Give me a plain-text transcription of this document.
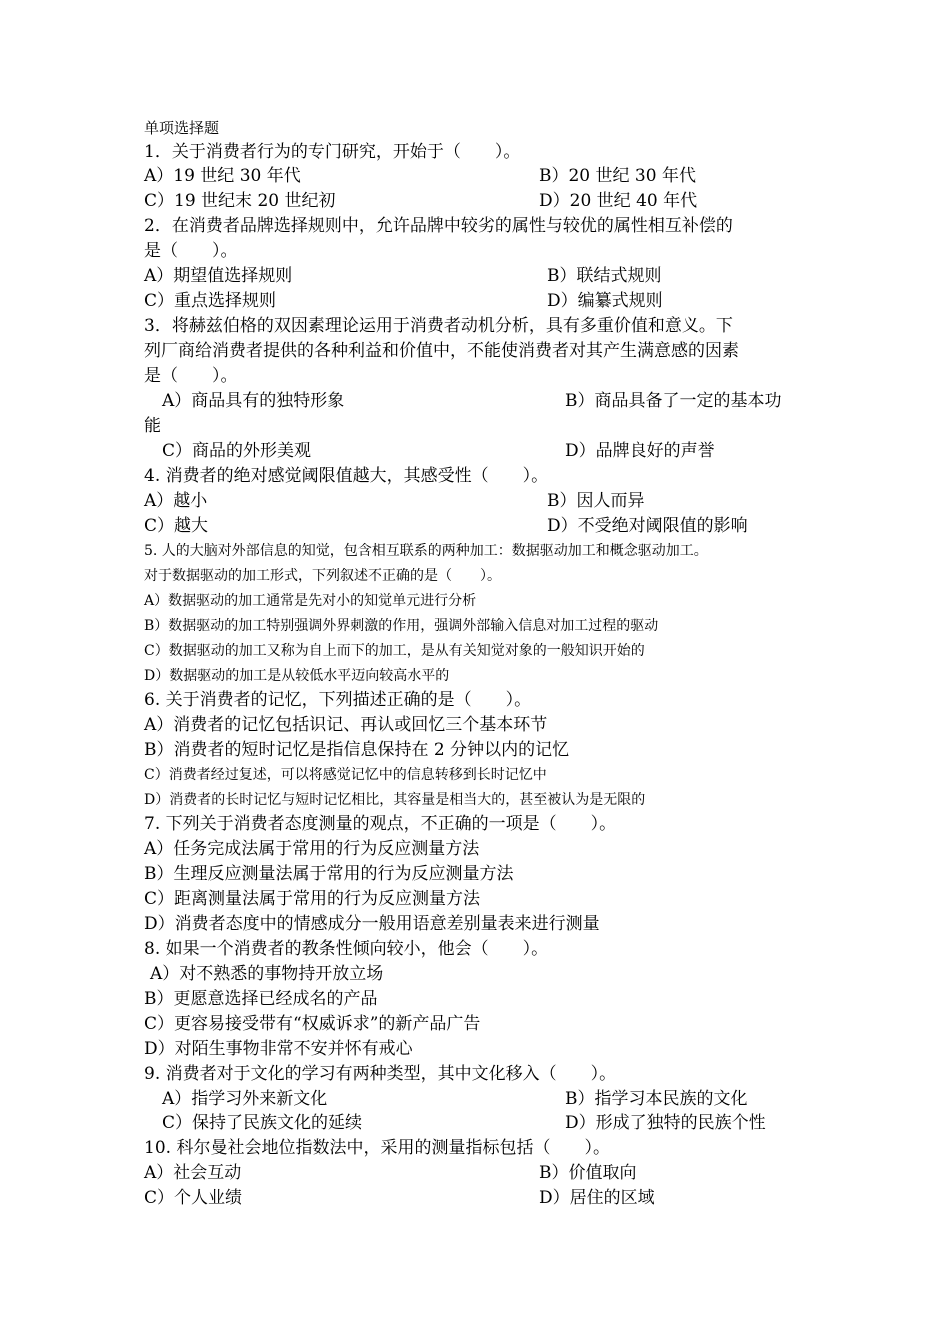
单项选择题
1．关于消费者行为的专门研究，开始于（　　）。
A）19 世纪 30 年代	B）20 世纪 30 年代
C）19 世纪末 20 世纪初	D）20 世纪 40 年代
2．在消费者品牌选择规则中，允许品牌中较劣的属性与较优的属性相互补偿的
是（　　）。
A）期望值选择规则	B）联结式规则
C）重点选择规则	D）编纂式规则
3．将赫兹伯格的双因素理论运用于消费者动机分析，具有多重价值和意义。下
列厂商给消费者提供的各种利益和价值中，不能使消费者对其产生满意感的因素
是（　　）。
A）商品具有的独特形象	B）商品具备了一定的基本功
能
C）商品的外形美观	D）品牌良好的声誉
4. 消费者的绝对感觉阈限值越大，其感受性（　　）。
A）越小	B）因人而异
C）越大	D）不受绝对阈限值的影响
5. 人的大脑对外部信息的知觉，包含相互联系的两种加工：数据驱动加工和概念驱动加工。
对于数据驱动的加工形式，下列叙述不正确的是（　　）。
A）数据驱动的加工通常是先对小的知觉单元进行分析
B）数据驱动的加工特别强调外界刺激的作用，强调外部输入信息对加工过程的驱动
C）数据驱动的加工又称为自上而下的加工，是从有关知觉对象的一般知识开始的
D）数据驱动的加工是从较低水平迈向较高水平的
6. 关于消费者的记忆，下列描述正确的是（　　）。
A）消费者的记忆包括识记、再认或回忆三个基本环节
B）消费者的短时记忆是指信息保持在 2 分钟以内的记忆
C）消费者经过复述，可以将感觉记忆中的信息转移到长时记忆中
D）消费者的长时记忆与短时记忆相比，其容量是相当大的，甚至被认为是无限的
7. 下列关于消费者态度测量的观点，不正确的一项是（　　）。
A）任务完成法属于常用的行为反应测量方法
B）生理反应测量法属于常用的行为反应测量方法
C）距离测量法属于常用的行为反应测量方法
D）消费者态度中的情感成分一般用语意差别量表来进行测量
8. 如果一个消费者的教条性倾向较小，他会（　　）。
A）对不熟悉的事物持开放立场
B）更愿意选择已经成名的产品
C）更容易接受带有“权威诉求”的新产品广告
D）对陌生事物非常不安并怀有戒心
9. 消费者对于文化的学习有两种类型，其中文化移入（　　）。
A）指学习外来新文化	B）指学习本民族的文化
C）保持了民族文化的延续	D）形成了独特的民族个性
10. 科尔曼社会地位指数法中，采用的测量指标包括（　　）。
A）社会互动	B）价值取向
C）个人业绩	D）居住的区域
